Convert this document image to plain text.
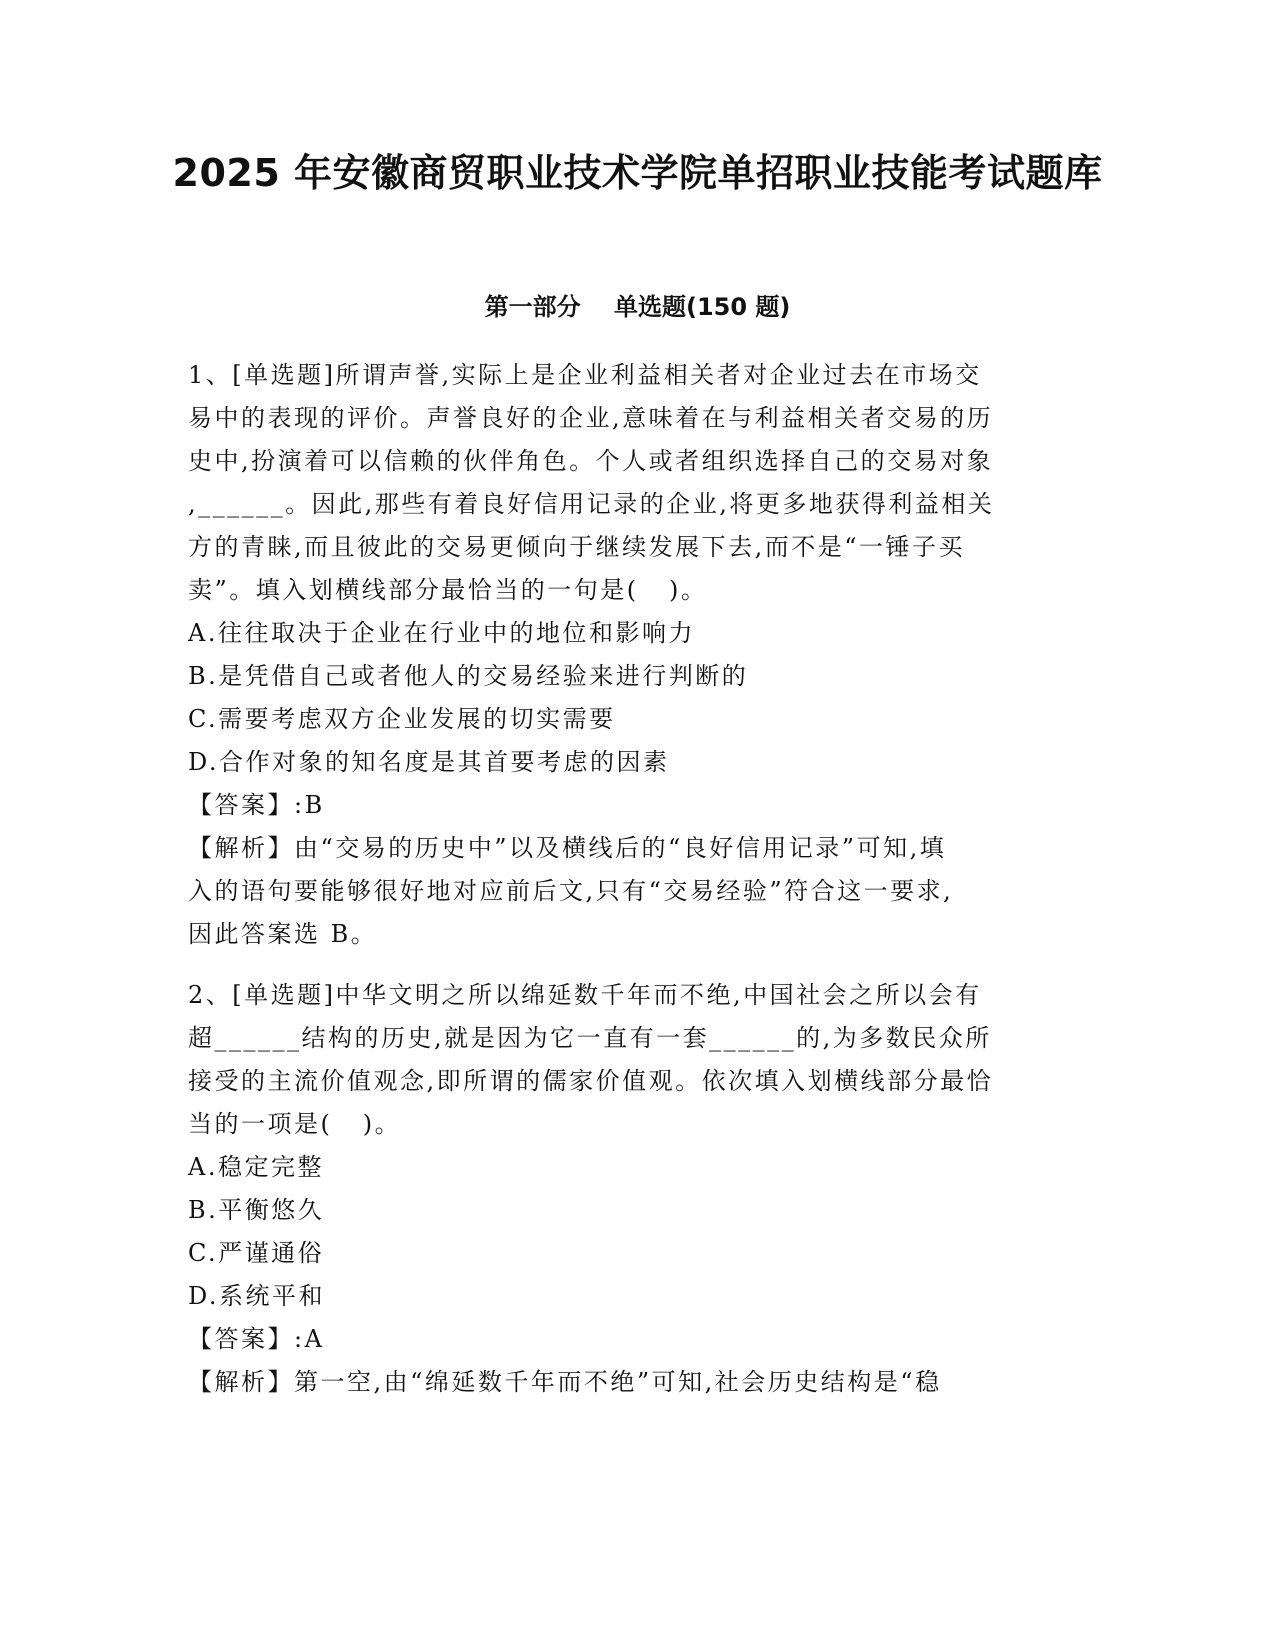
2025 年安徽商贸职业技术学院单招职业技能考试题库
第一部分    单选题(150 题)
1、[单选题]所谓声誉,实际上是企业利益相关者对企业过去在市场交
易中的表现的评价。声誉良好的企业,意味着在与利益相关者交易的历
史中,扮演着可以信赖的伙伴角色。个人或者组织选择自己的交易对象
,______。因此,那些有着良好信用记录的企业,将更多地获得利益相关
方的青睐,而且彼此的交易更倾向于继续发展下去,而不是“一锤子买
卖”。填入划横线部分最恰当的一句是(   )。
A.往往取决于企业在行业中的地位和影响力
B.是凭借自己或者他人的交易经验来进行判断的
C.需要考虑双方企业发展的切实需要
D.合作对象的知名度是其首要考虑的因素
【答案】:B
【解析】由“交易的历史中”以及横线后的“良好信用记录”可知,填
入的语句要能够很好地对应前后文,只有“交易经验”符合这一要求,
因此答案选 B。
2、[单选题]中华文明之所以绵延数千年而不绝,中国社会之所以会有
超______结构的历史,就是因为它一直有一套______的,为多数民众所
接受的主流价值观念,即所谓的儒家价值观。依次填入划横线部分最恰
当的一项是(   )。
A.稳定完整
B.平衡悠久
C.严谨通俗
D.系统平和
【答案】:A
【解析】第一空,由“绵延数千年而不绝”可知,社会历史结构是“稳
